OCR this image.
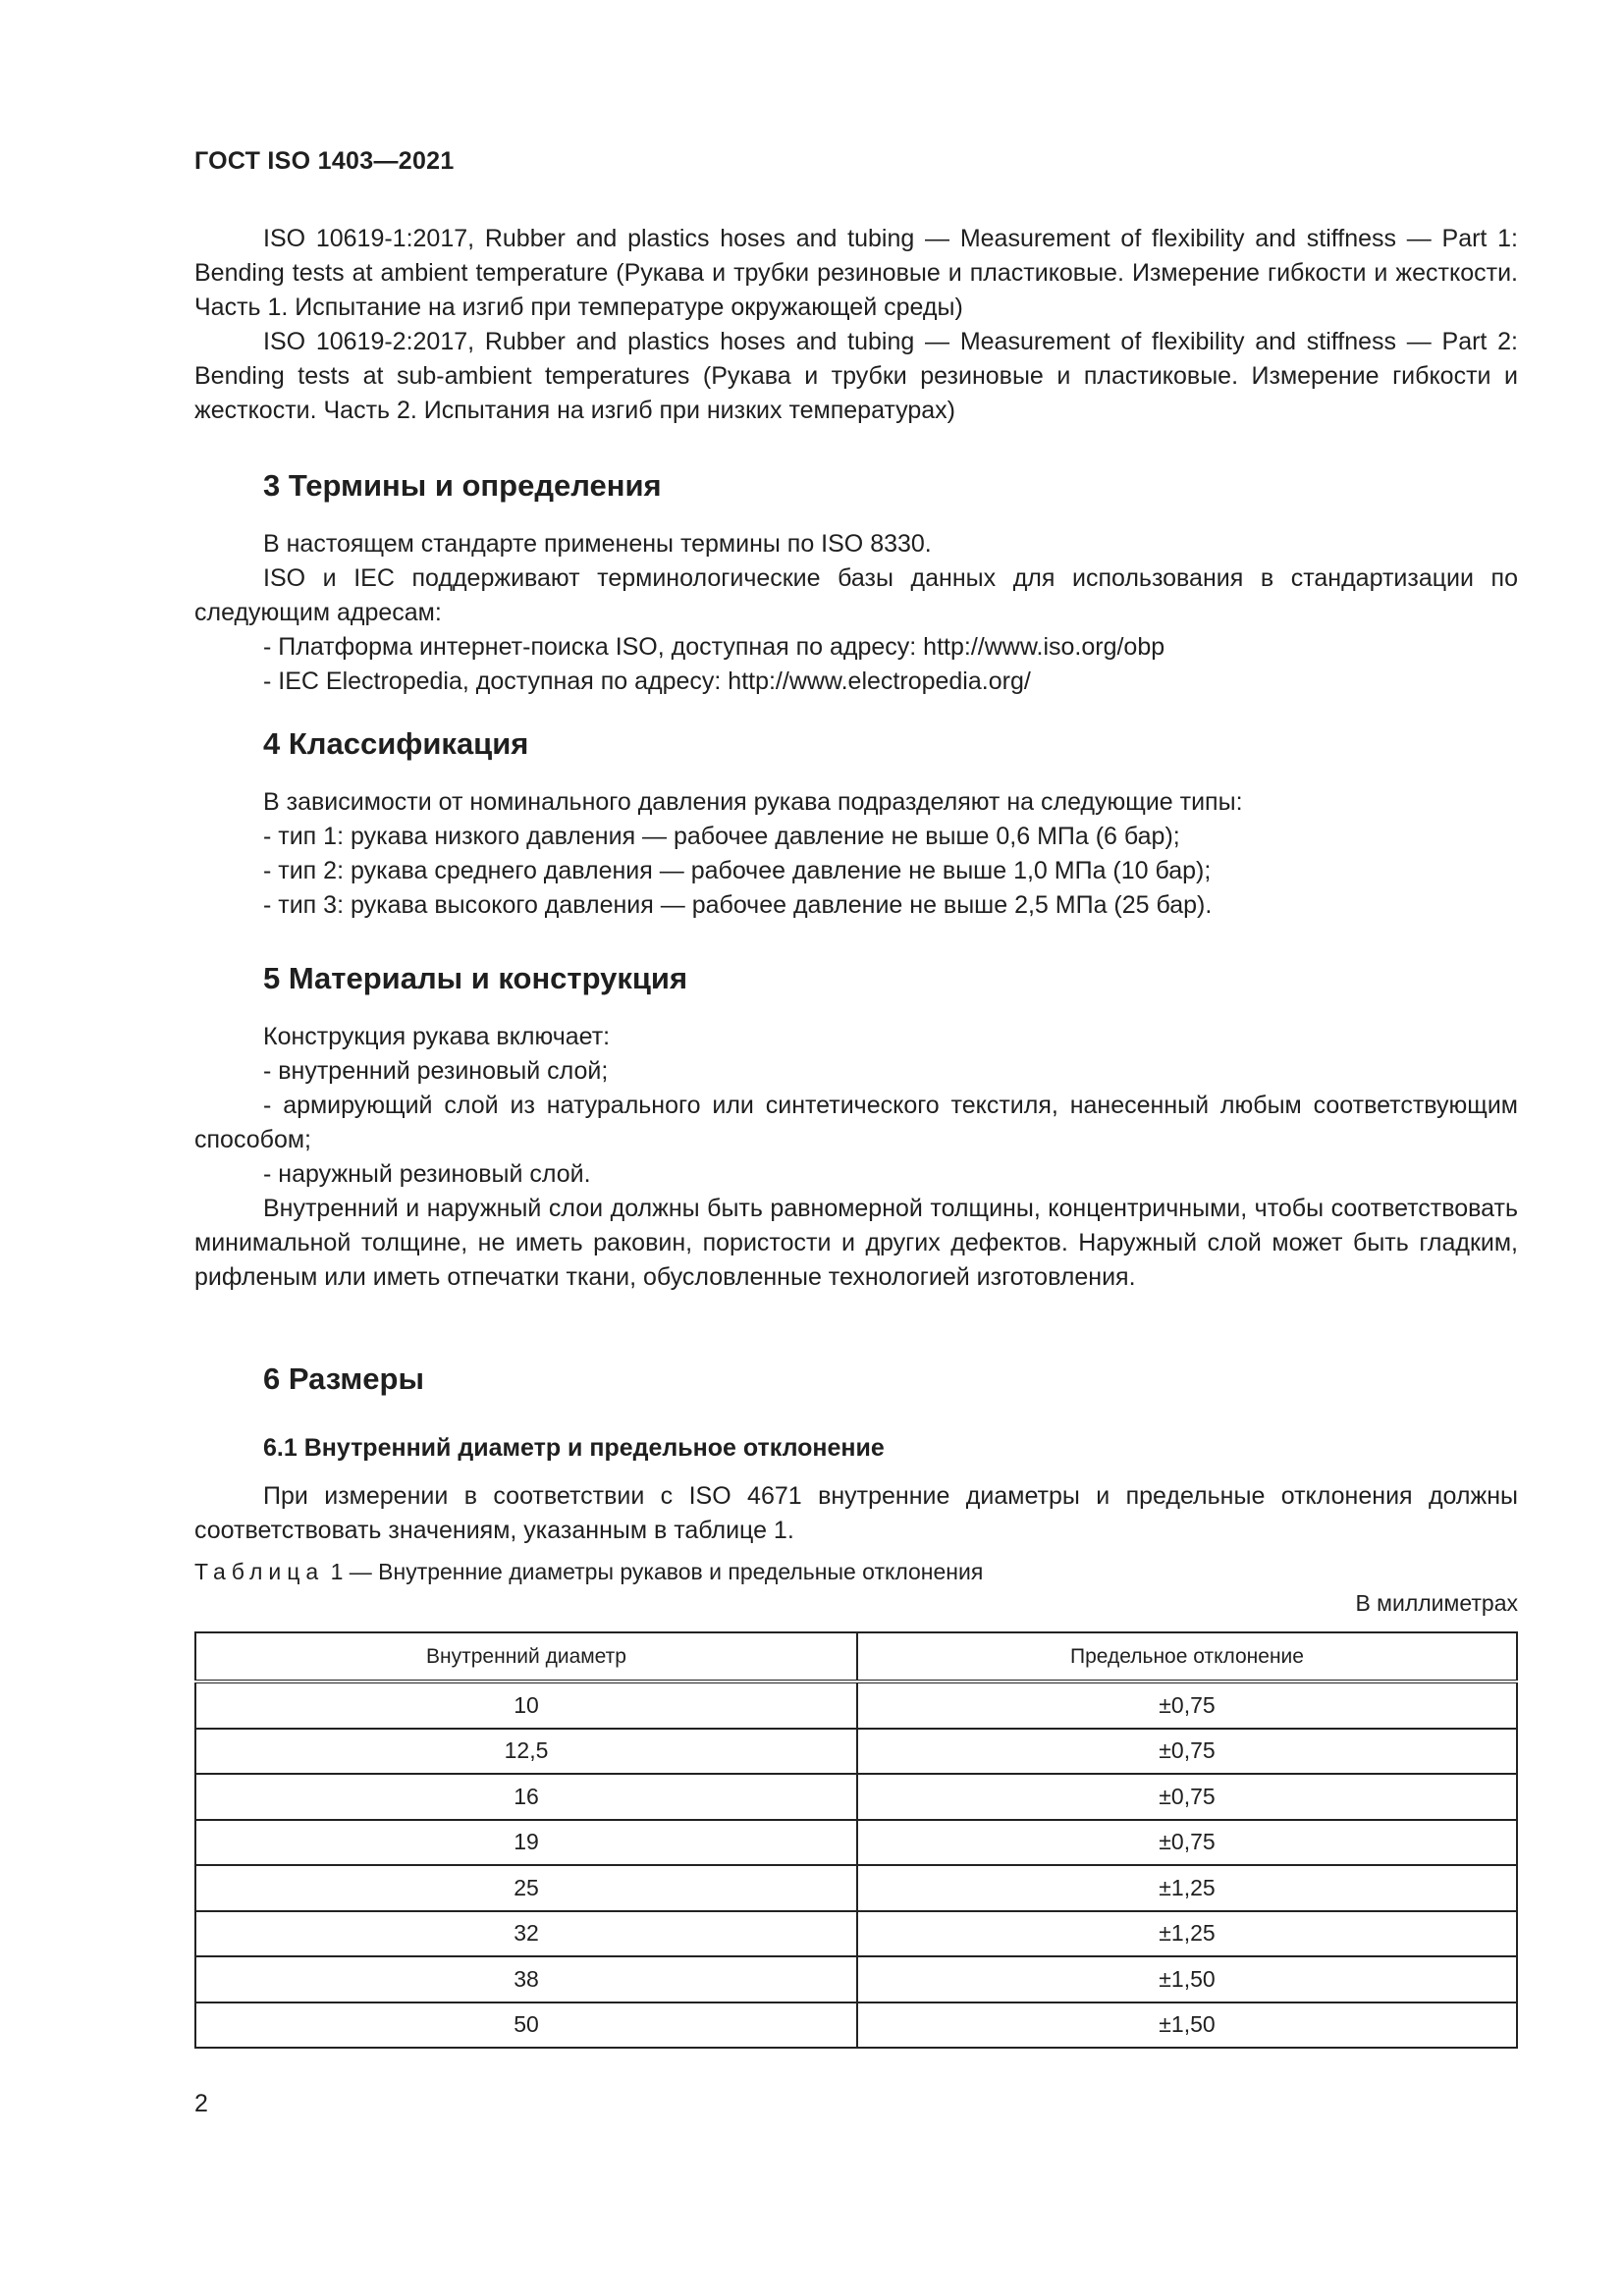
ГОСТ ISO 1403—2021

ISO 10619-1:2017, Rubber and plastics hoses and tubing — Measurement of flexibility and stiffness — Part 1: Bending tests at ambient temperature (Рукава и трубки резиновые и пластиковые. Измерение гибкости и жесткости. Часть 1. Испытание на изгиб при температуре окружающей среды)

ISO 10619-2:2017, Rubber and plastics hoses and tubing — Measurement of flexibility and stiffness — Part 2: Bending tests at sub-ambient temperatures (Рукава и трубки резиновые и пластиковые. Измерение гибкости и жесткости. Часть 2. Испытания на изгиб при низких температурах)

3 Термины и определения

В настоящем стандарте применены термины по ISO 8330.

ISO и IEC поддерживают терминологические базы данных для использования в стандартизации по следующим адресам:

- Платформа интернет-поиска ISO, доступная по адресу: http://www.iso.org/obp

- IEC Electropedia, доступная по адресу: http://www.electropedia.org/

4 Классификация

В зависимости от номинального давления рукава подразделяют на следующие типы:

- тип 1: рукава низкого давления — рабочее давление не выше 0,6 МПа (6 бар);

- тип 2: рукава среднего давления — рабочее давление не выше 1,0 МПа (10 бар);

- тип 3: рукава высокого давления — рабочее давление не выше 2,5 МПа (25 бар).

5 Материалы и конструкция

Конструкция рукава включает:

- внутренний резиновый слой;

- армирующий слой из натурального или синтетического текстиля, нанесенный любым соответствующим способом;

- наружный резиновый слой.

Внутренний и наружный слои должны быть равномерной толщины, концентричными, чтобы соответствовать минимальной толщине, не иметь раковин, пористости и других дефектов. Наружный слой может быть гладким, рифленым или иметь отпечатки ткани, обусловленные технологией изготовления.

6 Размеры
6.1 Внутренний диаметр и предельное отклонение

При измерении в соответствии с ISO 4671 внутренние диаметры и предельные отклонения должны соответствовать значениям, указанным в таблице 1.

Таблица 1 — Внутренние диаметры рукавов и предельные отклонения
В миллиметрах
Внутренний диаметр	Предельное отклонение
10	±0,75
12,5	±0,75
16	±0,75
19	±0,75
25	±1,25
32	±1,25
38	±1,50
50	±1,50
2
